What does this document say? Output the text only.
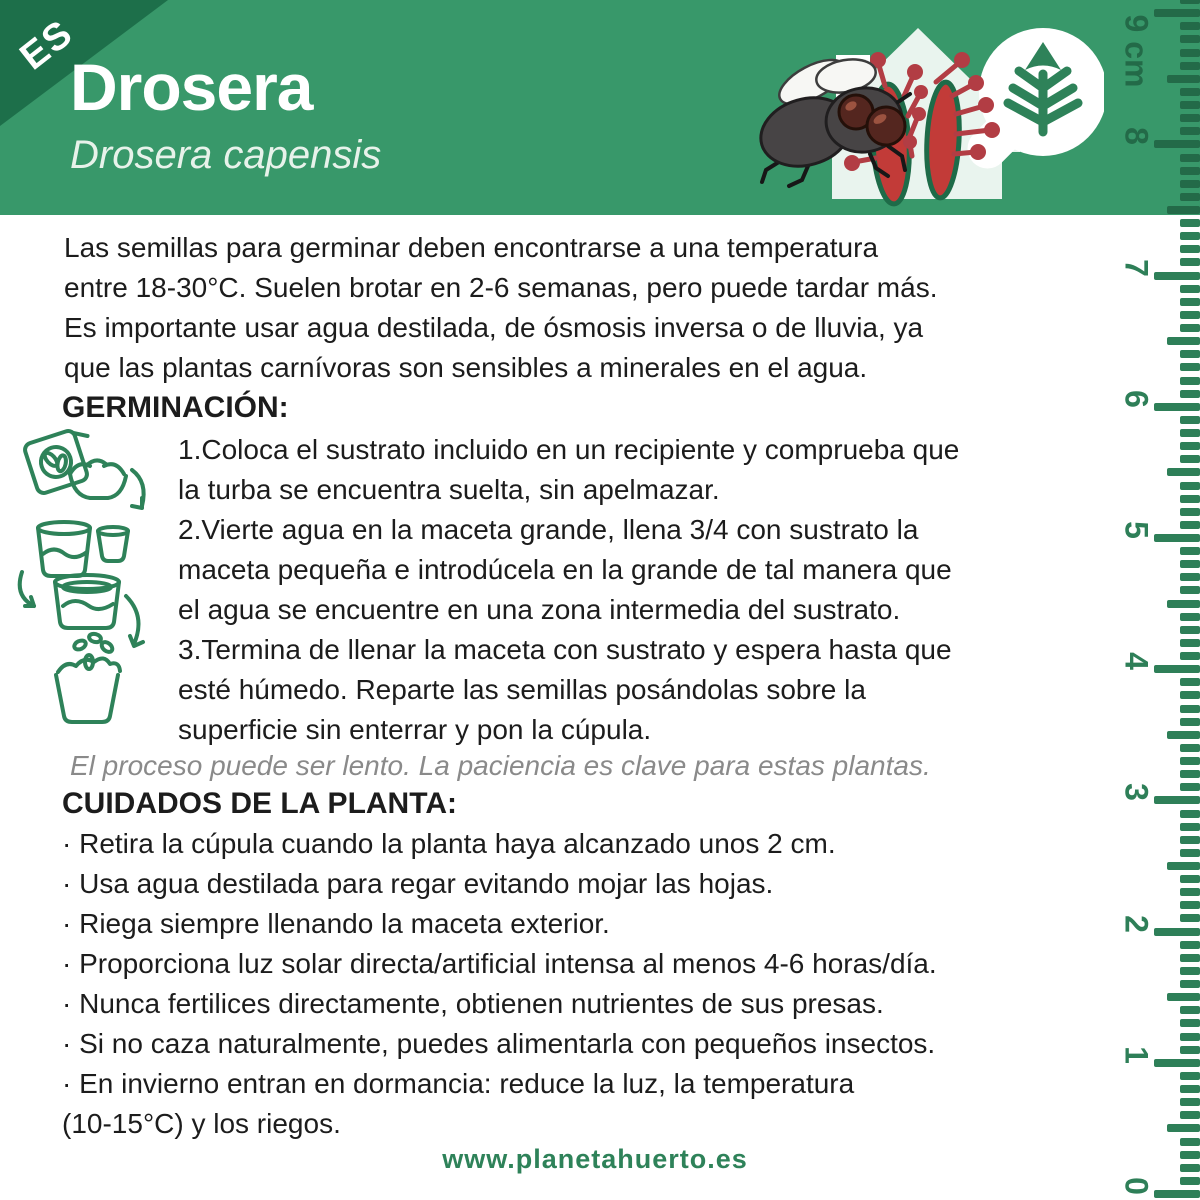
ES
Drosera
Drosera capensis
Las semillas para germinar deben encontrarse a una temperatura
entre 18-30°C. Suelen brotar en 2-6 semanas, pero puede tardar más.
Es importante usar agua destilada, de ósmosis inversa o de lluvia, ya
que las plantas carnívoras son sensibles a minerales en el agua.
GERMINACIÓN:
1.Coloca el sustrato incluido en un recipiente y comprueba que
la turba se encuentra suelta, sin apelmazar.
2.Vierte agua en la maceta grande, llena 3/4 con sustrato la
maceta pequeña e introdúcela en la grande de tal manera que
el agua se encuentre en una zona intermedia del sustrato.
3.Termina de llenar la maceta con sustrato y espera hasta que
esté húmedo. Reparte las semillas posándolas sobre la
superficie sin enterrar y pon la cúpula.
El proceso puede ser lento. La paciencia es clave para estas plantas.
CUIDADOS DE LA PLANTA:
· Retira la cúpula cuando la planta haya alcanzado unos 2 cm.
· Usa agua destilada para regar evitando mojar las hojas.
· Riega siempre llenando la maceta exterior.
· Proporciona luz solar directa/artificial intensa al menos 4-6 horas/día.
· Nunca fertilices directamente, obtienen nutrientes de sus presas.
· Si no caza naturalmente, puedes alimentarla con pequeños insectos.
· En invierno entran en dormancia: reduce la luz, la temperatura
(10-15°C) y los riegos.
www.planetahuerto.es
0
1
2
3
4
5
6
7
8
9 cm
